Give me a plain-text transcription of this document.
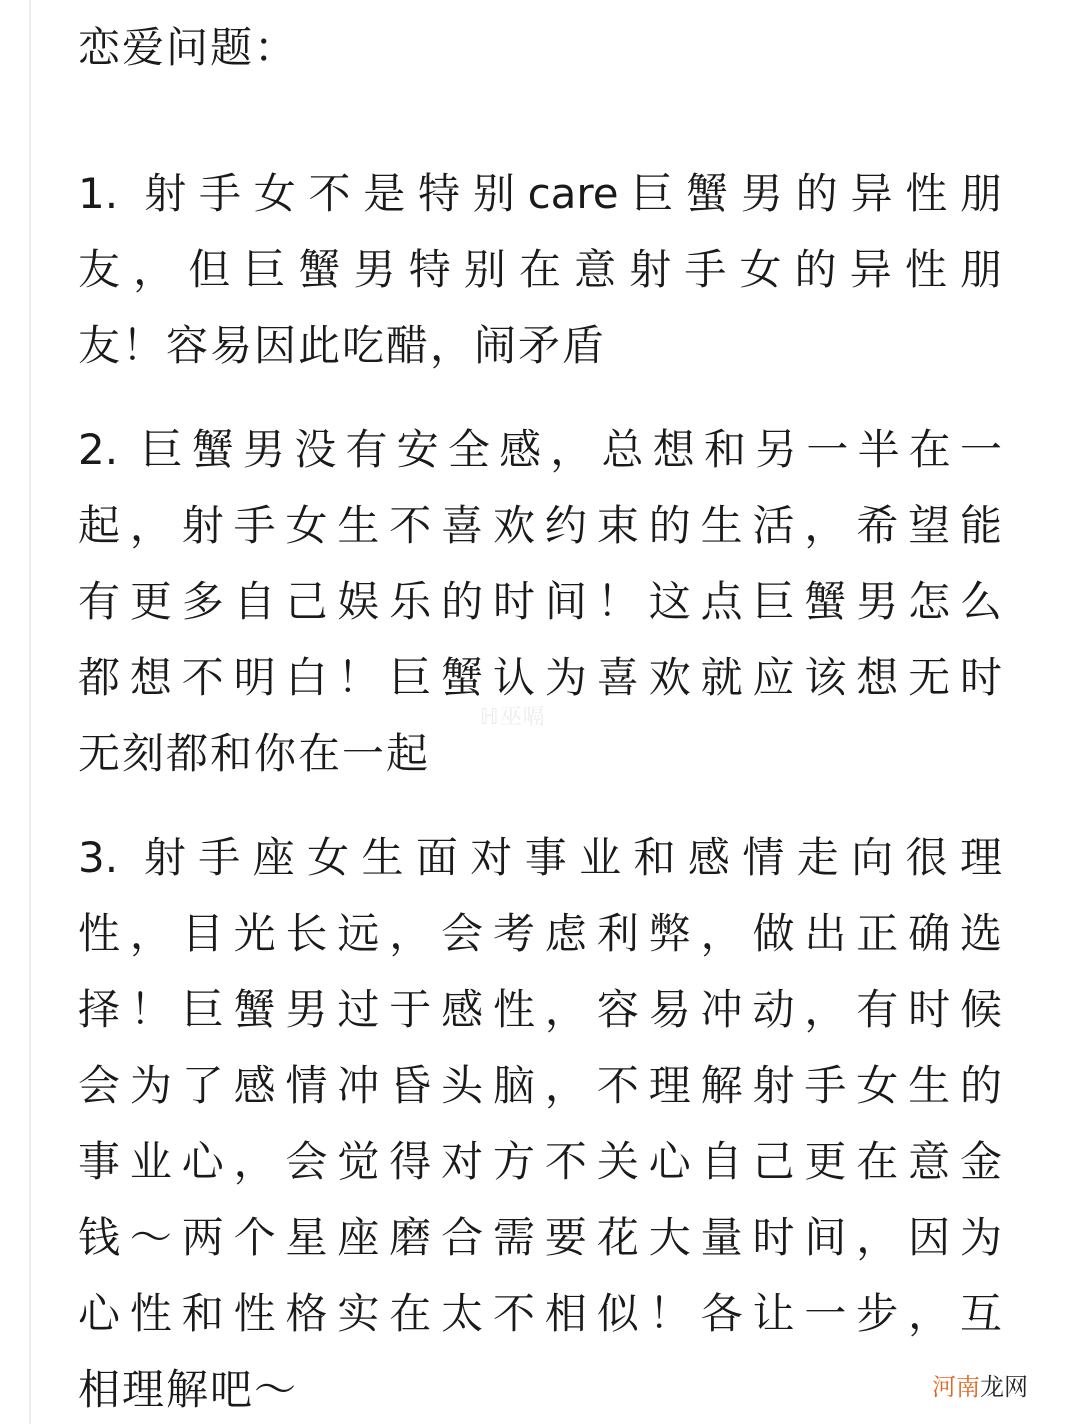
恋爱问题：
1. 射手女不是特别care巨蟹男的异性朋
友，但巨蟹男特别在意射手女的异性朋
友！容易因此吃醋，闹矛盾
2. 巨蟹男没有安全感，总想和另一半在一
起，射手女生不喜欢约束的生活，希望能
有更多自己娱乐的时间！这点巨蟹男怎么
都想不明白！巨蟹认为喜欢就应该想无时
无刻都和你在一起
3. 射手座女生面对事业和感情走向很理
性，目光长远，会考虑利弊，做出正确选
择！巨蟹男过于感性，容易冲动，有时候
会为了感情冲昏头脑，不理解射手女生的
事业心，会觉得对方不关心自己更在意金
钱～两个星座磨合需要花大量时间，因为
心性和性格实在太不相似！各让一步，互
相理解吧～
ℍ巫嗝
河南龙网
